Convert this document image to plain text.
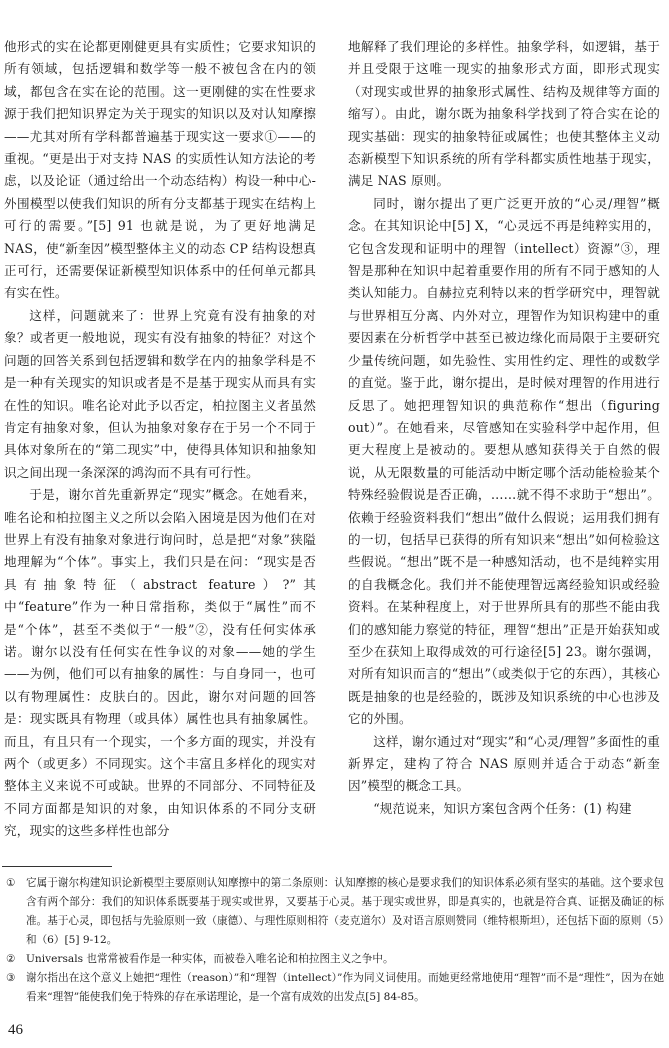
他形式的实在论都更刚健更具有实质性；它要求知识的所有领域，包括逻辑和数学等一般不被包含在内的领域，都包含在实在论的范围。这一更刚健的实在性要求源于我们把知识界定为关于现实的知识以及对认知摩擦——尤其对所有学科都普遍基于现实这一要求①——的重视。“更是出于对支持 NAS 的实质性认知方法论的考虑，以及论证（通过给出一个动态结构）构设一种中心-外围模型以使我们知识的所有分支都基于现实在结构上可行的需要。”[5] 91 也就是说，为了更好地满足 NAS，使“新奎因”模型整体主义的动态 CP 结构设想真正可行，还需要保证新模型知识体系中的任何单元都具有实在性。

这样，问题就来了：世界上究竟有没有抽象的对象？或者更一般地说，现实有没有抽象的特征？对这个问题的回答关系到包括逻辑和数学在内的抽象学科是不是一种有关现实的知识或者是不是基于现实从而具有实在性的知识。唯名论对此予以否定，柏拉图主义者虽然肯定有抽象对象，但认为抽象对象存在于另一个不同于具体对象所在的“第二现实”中，使得具体知识和抽象知识之间出现一条深深的鸿沟而不具有可行性。

于是，谢尔首先重新界定“现实”概念。在她看来，唯名论和柏拉图主义之所以会陷入困境是因为他们在对世界上有没有抽象对象进行询问时，总是把“对象”狭隘地理解为“个体”。事实上，我们只是在问：“现实是否具有抽象特征（abstract feature）?”其中“feature”作为一种日常指称，类似于“属性”而不是“个体”，甚至不类似于“一般”②，没有任何实体承诺。谢尔以没有任何实在性争议的对象——她的学生——为例，他们可以有抽象的属性：与自身同一，也可以有物理属性：皮肤白的。因此，谢尔对问题的回答是：现实既具有物理（或具体）属性也具有抽象属性。而且，有且只有一个现实，一个多方面的现实，并没有两个（或更多）不同现实。这个丰富且多样化的现实对整体主义来说不可或缺。世界的不同部分、不同特征及不同方面都是知识的对象，由知识体系的不同分支研究，现实的这些多样性也部分

地解释了我们理论的多样性。抽象学科，如逻辑，基于并且受限于这唯一现实的抽象形式方面，即形式现实（对现实或世界的抽象形式属性、结构及规律等方面的缩写）。由此，谢尔既为抽象科学找到了符合实在论的现实基础：现实的抽象特征或属性；也使其整体主义动态新模型下知识系统的所有学科都实质性地基于现实，满足 NAS 原则。

同时，谢尔提出了更广泛更开放的“心灵/理智”概念。在其知识论中[5] X，“心灵远不再是纯粹实用的，它包含发现和证明中的理智（intellect）资源”③，理智是那种在知识中起着重要作用的所有不同于感知的人类认知能力。自赫拉克利特以来的哲学研究中，理智就与世界相互分离、内外对立，理智作为知识构建中的重要因素在分析哲学中甚至已被边缘化而局限于主要研究少量传统问题，如先验性、实用性约定、理性的或数学的直觉。鉴于此，谢尔提出，是时候对理智的作用进行反思了。她把理智知识的典范称作“想出（figuring out）”。在她看来，尽管感知在实验科学中起作用，但更大程度上是被动的。要想从感知获得关于自然的假说，从无限数量的可能活动中断定哪个活动能检验某个特殊经验假说是否正确，……就不得不求助于“想出”。依赖于经验资料我们“想出”做什么假说；运用我们拥有的一切，包括早已获得的所有知识来“想出”如何检验这些假说。“想出”既不是一种感知活动，也不是纯粹实用的自我概念化。我们并不能使理智远离经验知识或经验资料。在某种程度上，对于世界所具有的那些不能由我们的感知能力察觉的特征，理智“想出”正是开始获知或至少在获知上取得成效的可行途径[5] 23。谢尔强调，对所有知识而言的“想出”（或类似于它的东西），其核心既是抽象的也是经验的，既涉及知识系统的中心也涉及它的外围。

这样，谢尔通过对“现实”和“心灵/理智”多面性的重新界定，建构了符合 NAS 原则并适合于动态“新奎因”模型的概念工具。

“规范说来，知识方案包含两个任务：(1) 构建

① 它属于谢尔构建知识论新模型主要原则认知摩擦中的第二条原则：认知摩擦的核心是要求我们的知识体系必须有坚实的基础。这个要求包含有两个部分：我们的知识体系既要基于现实或世界，又要基于心灵。基于现实或世界，即是真实的，也就是符合真、证据及确证的标准。基于心灵，即包括与先验原则一致（康德）、与理性原则相符（麦克道尔）及对语言原则赞同（维特根斯坦），还包括下面的原则（5）和（6）[5] 9-12。

② Universals 也常常被看作是一种实体，而被卷入唯名论和柏拉图主义之争中。

③ 谢尔指出在这个意义上她把“理性（reason）”和“理智（intellect）”作为同义词使用。而她更经常地使用“理智”而不是“理性”，因为在她看来“理智”能使我们免于特殊的存在承诺理论，是一个富有成效的出发点[5] 84-85。

46
